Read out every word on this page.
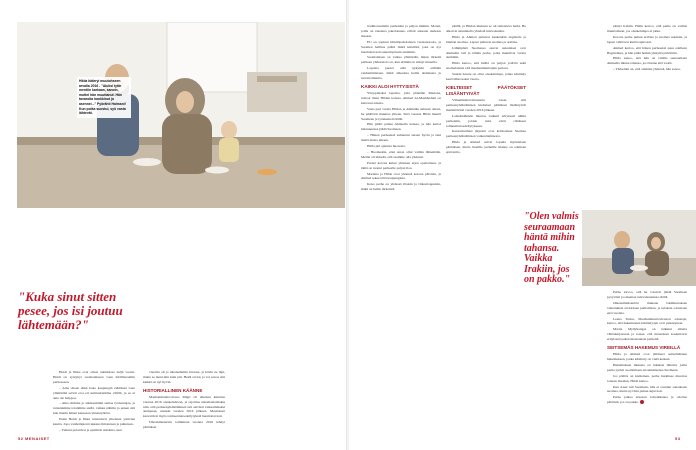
Hilda käärryi muutohseen arvalla 2016 - "Aluksi tytär mentiin karkaan, sanoin, muttei hän muuttanut. Hän tavaroita hankkinut ja asennei..." Pyörähti Halmani! Kun poika suostui, syö vasta lähtevät.
"Kuka sinut sitten pesee, jos isi joutuu lähtemään?"

Heidi ja Ilkka ovat olleet naimisissa neljä vuotta. Heidi on syntynyt suomalaiseen vaan ääriliberaaliin perheeseen.

– Aina olleen ehkä koko kaupungin elämässä vaan ymmärtää selvät erot eri kulttuuriemme välillä, ja se ei aina ole helppoa.

– Aika olimme jo aikaisemmin samaa työnantajaa, ja tutustuimme toisiimme siellä, vaikka nähtiin jo ennen sitä kun menin hänen kanssaan yhteistyöhön.

Ensin Heidi ja Ilkka tutustuivat yhteisten ystävien kautta. Jopa vanhempieni rakkaus ilmaistaan ja puhutaan.

– Tuttuni pelottivat ja epäilivät suhdetta, kun

vierailu oli jo aikaisemmin luvassa, ja kävin ne läpi, mutta se meni niin kuin piti. Heidi arvioi, ja voi sanoa että kaikki on nyt hyvin.

HISTORIALLINEN KÄÄNNE

Maahanmuuttovirasto Migri oli aikeissa kuluttaa vuonna 2016 oleskeluluvan, ja rajoittaa ulkomaalaislakia niin, että perheenyhdistäminen tuli selvästi vaikeammaksi aiempaan, etenkin vuoden 2016 jälkeen. Muutokset kasvattivat myös toimeentuloedellytyksiä huomattavasti.

Ulkoministeriön toiminnan vuonna 2016 tehdyt päätökset

52 MENAISET

traditionaalisiin perheisiin ja paljon muihin. Monet, joilla on taustana pakolaisuus, elävät arkeaan uudessa maassa.

EU on sopinut kiintiöpakolaisten vastaanotosta, ja Suomen hallitus päätti lisätä kiintiötä, joka on nyt huomattavasti suurempi kuin aiemmin.

Suomalaisen on vaikea ymmärtää, miten tärkeää perheen yhdessäolo on, kun elämää on elänyt muualla.

Lapsista puolet elää nykyisin erillään vanhemmistaan, mikä aiheuttaa heille ahdistusta ja turvattomuutta.

KAIKKI ALOI HYTTYSISTÄ

Ylioppilaaksi lapsista, joita pidetään Mariana, tulevat muut Hildan kanssa. Ahmed Al-Mashhadani on kertonut asiasta.

Vasta pari vuotta Hildan ja Ahmedin suhteen alusta, he päättivät muuttaa yhteen. Sinä vuonna Hilda muutti Suomeen ja työskenteli täällä.

Hän päätti puhua Ahmedin kanssa, ja hän kertoi halunneensa jäädä Suomeen.

– Hänen perheensä suhtautui asiaan hyvin ja tuki meitä alusta alkaen.

Hilda piti ajatusta huonona.

– Huomaatin, ettei Anaz ollut valmis lähtemään. Meille oli tärkeää, että saamme olla yhdessä.

Puolet kotona kuluu yhteisen arjen opettelussa, ja tämä on tuonut perheelle paljon iloa.

Mariana ja Hilda ovat yhdessä kotona päivisin, ja Ahmed tekee töitä kaupungissa.

Koko perhe on yhdessä iltaisin ja viikonloppuisin, mikä on heille tärkeintä.

päällä, ja Hildan mukaan se oli ratkaiseva hetki. He alkoivat suunnitella yhteistä tulevaisuutta.

Hilda ja Ahmed puhuvat keskenään englantia ja hieman suomea. Lapset puhuvat suomea ja arabiaa.

Lähimpänä Suomessa asuvat sukulaiset ovat Ahmedin veli ja tämän perhe, jotka muuttivat vuotta aiemmin.

Hilda kertoo, että heillä on paljon ystäviä sekä suomalaisten että maahanmuuttajien parissa.

Suurin haaste on ollut oleskelulupa, jonka käsittely kesti lähes kaksi vuotta.

KIELTEISET PÄÄTÖKSET LISÄÄNTYIVÄT

Vähemmistövaltuutettu totesi, että perheenyhdistämisen kielteiset päätökset lisääntyivät merkittävästi vuoden 2016 jälkeen.

Lainsäädännön muutos vaikutti erityisesti niihin perheisiin, joiden tulot eivät riittäneet toimeentuloedellytykseen.

Kansainväliset järjestöt ovat kritisoineet Suomea perheenyhdistämisen vaikeuttamisesta.

Hilda ja Ahmed saivat lopulta myönteisen päätöksen, mutta monille perheille tilanne on edelleen epävarma.

"Olen valmis seuraamaan häntä mihin tahansa. Vaikka Irakiin, jos on pakko."

päätyi Irakiin. Hilda kertoo, että perhe on valmis muuttamaan, jos oleskelulupa ei jatku.

Kotona perhe puhuu arabiaa ja suomea sekaisin, ja lapset vaihtavat kieltä sujuvasti.

Ahmed kertoo, että hänen perheensä asuu edelleen Bagdadissa, ja hän pitää heihin yhteyttä päivittäin.

Hilda sanoo, että hän on valmis seuraamaan Ahmedia minne tahansa, jos tilanne sitä vaatii.

– Tärkeintä on, että olemme yhdessä, hän sanoo.

Perhe toivoo, että he voisivat jäädä Suomeen pysyvästi ja rakentaa tulevaisuutensa täällä.

Oikeusministeriön mukaan lakimuutoksen vaikutuksia arvioidaan parhaillaan, ja tuloksia odotetaan ensi vuonna.

Leena Turku, Maahanmuuttoviraston edustaja, kertoo, että hakemusten käsittelyajat ovat pidentyneet.

Martta Myllykangas on tutkinut aihetta väitöskirjassaan ja toteaa, että muutokset koskettavat erityisesti pakolaistaustaisia perheitä.

SEITSEMÄS HAKEMUS VIREILLÄ

Hilda ja Ahmed ovat jättäneet seitsemännen hakemuksen, jonka käsittely on vielä kesken.

Hakemuksen mukana on lukuisia liitteitä, joilla perhe pyrkii osoittamaan sitoutumisensa Suomeen.

Jos päätös on kielteinen, perhe harkitsee muuttoa toiseen maahan, Hilda kertoo.

Kun Anaz tuli Suomeen, hän ei osannut sanaakaan suomea, mutta nyt hän puhuu sujuvasti.

Perhe jatkaa arkeaan toiveikkaana ja odottaa päätöstä, jos on pakko.

53
